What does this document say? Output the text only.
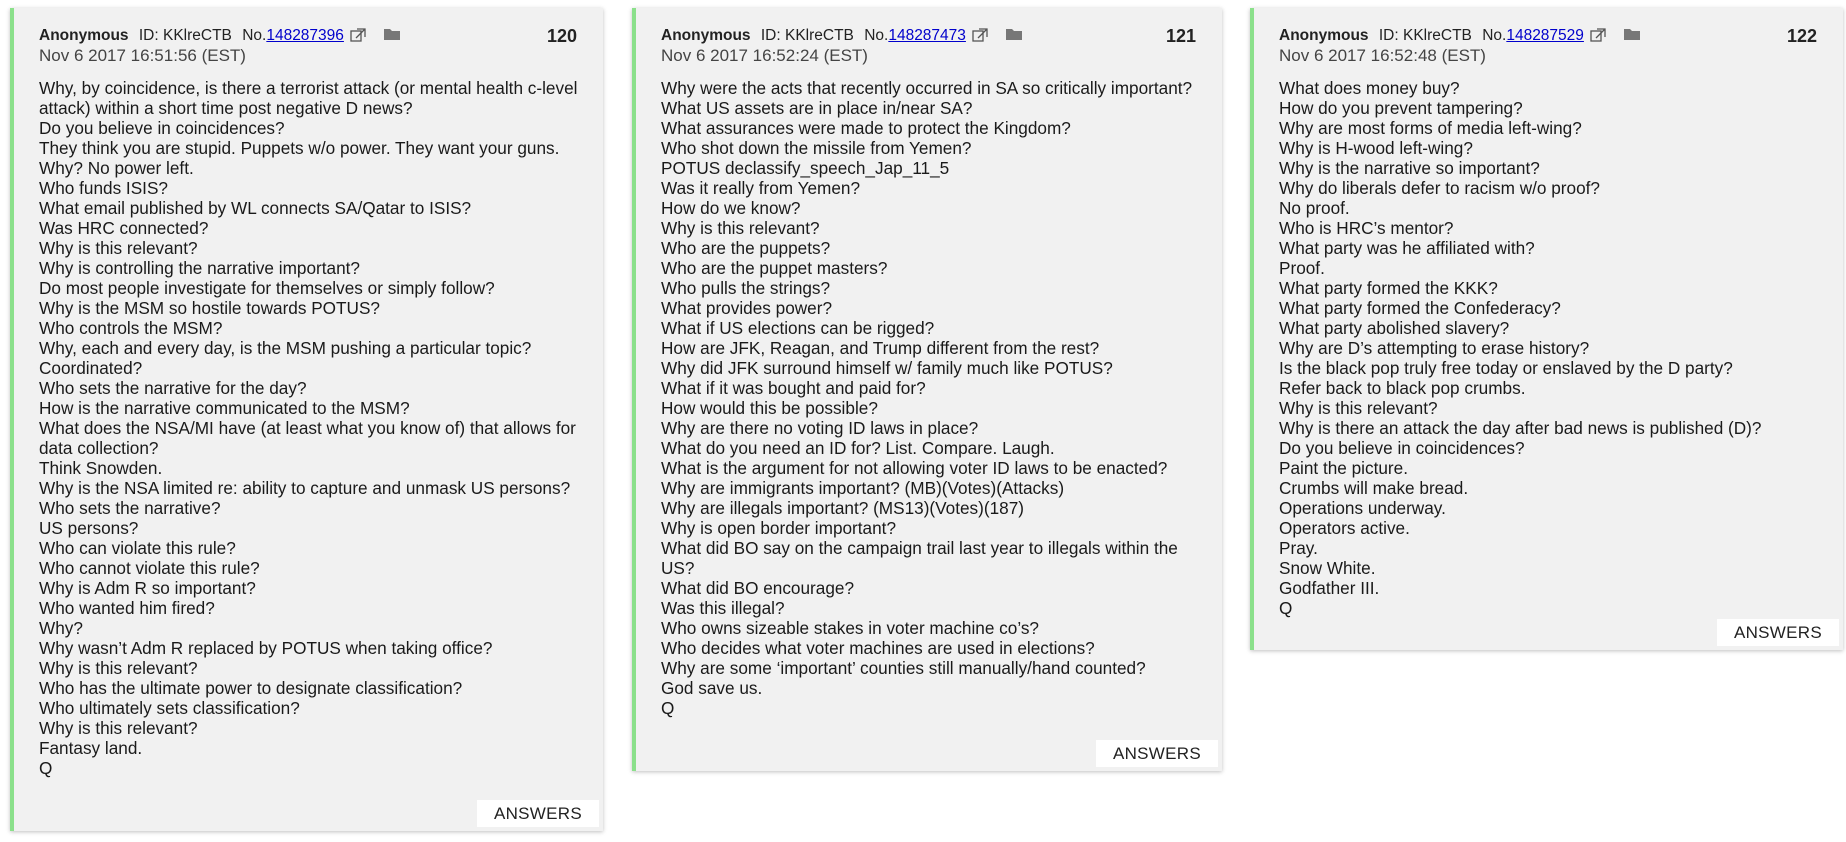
Anonymous ID: KKlreCTB No.148287396	120
Nov 6 2017 16:51:56 (EST)
Why, by coincidence, is there a terrorist attack (or mental health c-level attack) within a short time post negative D news?
Do you believe in coincidences?
They think you are stupid. Puppets w/o power. They want your guns. Why? No power left.
Who funds ISIS?
What email published by WL connects SA/Qatar to ISIS?
Was HRC connected?
Why is this relevant?
Why is controlling the narrative important?
Do most people investigate for themselves or simply follow?
Why is the MSM so hostile towards POTUS?
Who controls the MSM?
Why, each and every day, is the MSM pushing a particular topic?
Coordinated?
Who sets the narrative for the day?
How is the narrative communicated to the MSM?
What does the NSA/MI have (at least what you know of) that allows for data collection?
Think Snowden.
Why is the NSA limited re: ability to capture and unmask US persons?
Who sets the narrative?
US persons?
Who can violate this rule?
Who cannot violate this rule?
Why is Adm R so important?
Who wanted him fired?
Why?
Why wasn’t Adm R replaced by POTUS when taking office?
Why is this relevant?
Who has the ultimate power to designate classification?
Who ultimately sets classification?
Why is this relevant?
Fantasy land.
Q
ANSWERS
Anonymous ID: KKlreCTB No.148287473	121
Nov 6 2017 16:52:24 (EST)
Why were the acts that recently occurred in SA so critically important?
What US assets are in place in/near SA?
What assurances were made to protect the Kingdom?
Who shot down the missile from Yemen?
POTUS declassify_speech_Jap_11_5
Was it really from Yemen?
How do we know?
Why is this relevant?
Who are the puppets?
Who are the puppet masters?
Who pulls the strings?
What provides power?
What if US elections can be rigged?
How are JFK, Reagan, and Trump different from the rest?
Why did JFK surround himself w/ family much like POTUS?
What if it was bought and paid for?
How would this be possible?
Why are there no voting ID laws in place?
What do you need an ID for? List. Compare. Laugh.
What is the argument for not allowing voter ID laws to be enacted?
Why are immigrants important? (MB)(Votes)(Attacks)
Why are illegals important? (MS13)(Votes)(187)
Why is open border important?
What did BO say on the campaign trail last year to illegals within the US?
What did BO encourage?
Was this illegal?
Who owns sizeable stakes in voter machine co’s?
Who decides what voter machines are used in elections?
Why are some ‘important’ counties still manually/hand counted?
God save us.
Q
ANSWERS
Anonymous ID: KKlreCTB No.148287529	122
Nov 6 2017 16:52:48 (EST)
What does money buy?
How do you prevent tampering?
Why are most forms of media left-wing?
Why is H-wood left-wing?
Why is the narrative so important?
Why do liberals defer to racism w/o proof?
No proof.
Who is HRC’s mentor?
What party was he affiliated with?
Proof.
What party formed the KKK?
What party formed the Confederacy?
What party abolished slavery?
Why are D’s attempting to erase history?
Is the black pop truly free today or enslaved by the D party?
Refer back to black pop crumbs.
Why is this relevant?
Why is there an attack the day after bad news is published (D)?
Do you believe in coincidences?
Paint the picture.
Crumbs will make bread.
Operations underway.
Operators active.
Pray.
Snow White.
Godfather III.
Q
ANSWERS
